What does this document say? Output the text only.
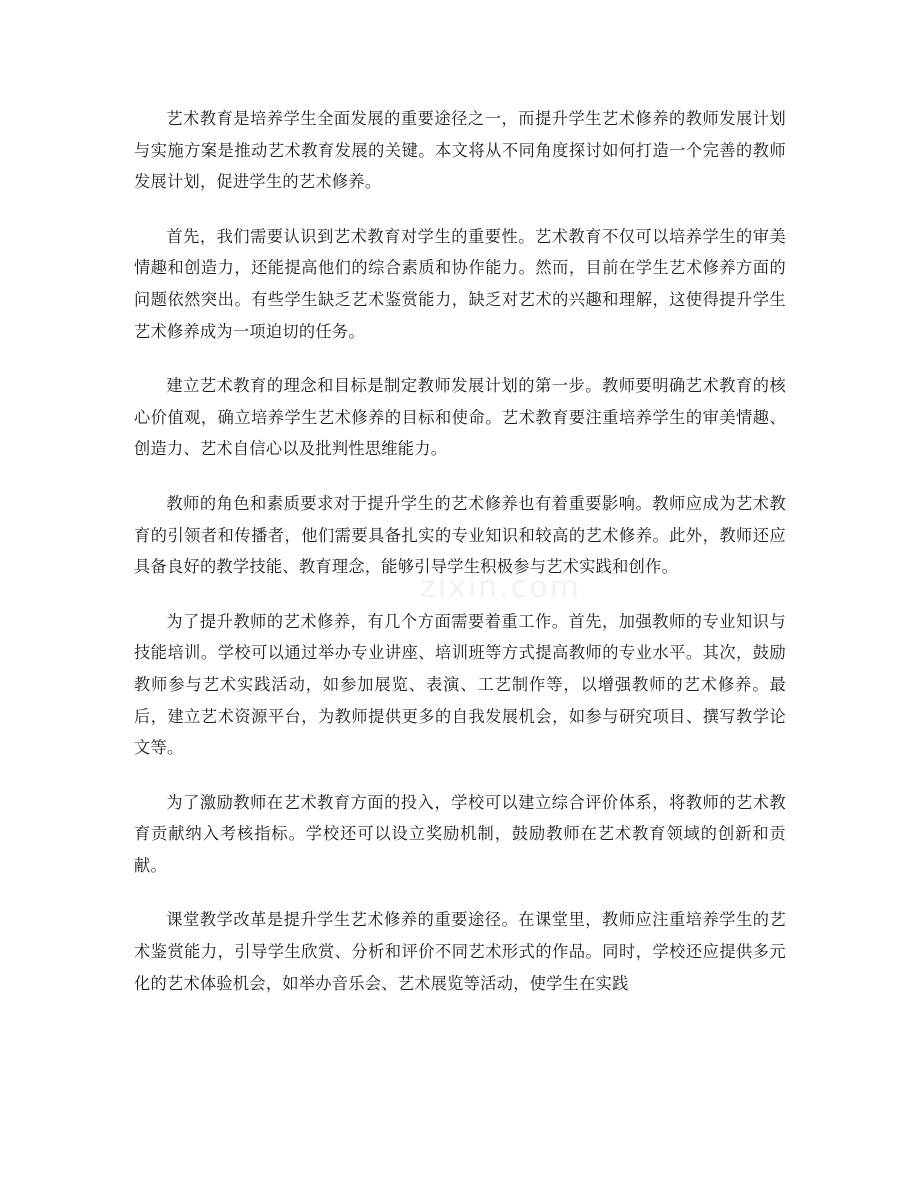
zixin.com

艺术教育是培养学生全面发展的重要途径之一，而提升学生艺术修养的教师发展计划与实施方案是推动艺术教育发展的关键。本文将从不同角度探讨如何打造一个完善的教师发展计划，促进学生的艺术修养。

首先，我们需要认识到艺术教育对学生的重要性。艺术教育不仅可以培养学生的审美情趣和创造力，还能提高他们的综合素质和协作能力。然而，目前在学生艺术修养方面的问题依然突出。有些学生缺乏艺术鉴赏能力，缺乏对艺术的兴趣和理解，这使得提升学生艺术修养成为一项迫切的任务。

建立艺术教育的理念和目标是制定教师发展计划的第一步。教师要明确艺术教育的核心价值观，确立培养学生艺术修养的目标和使命。艺术教育要注重培养学生的审美情趣、创造力、艺术自信心以及批判性思维能力。

教师的角色和素质要求对于提升学生的艺术修养也有着重要影响。教师应成为艺术教育的引领者和传播者，他们需要具备扎实的专业知识和较高的艺术修养。此外，教师还应具备良好的教学技能、教育理念，能够引导学生积极参与艺术实践和创作。

为了提升教师的艺术修养，有几个方面需要着重工作。首先，加强教师的专业知识与技能培训。学校可以通过举办专业讲座、培训班等方式提高教师的专业水平。其次，鼓励教师参与艺术实践活动，如参加展览、表演、工艺制作等，以增强教师的艺术修养。最后，建立艺术资源平台，为教师提供更多的自我发展机会，如参与研究项目、撰写教学论文等。

为了激励教师在艺术教育方面的投入，学校可以建立综合评价体系，将教师的艺术教育贡献纳入考核指标。学校还可以设立奖励机制，鼓励教师在艺术教育领域的创新和贡献。

课堂教学改革是提升学生艺术修养的重要途径。在课堂里，教师应注重培养学生的艺术鉴赏能力，引导学生欣赏、分析和评价不同艺术形式的作品。同时，学校还应提供多元化的艺术体验机会，如举办音乐会、艺术展览等活动，使学生在实践
